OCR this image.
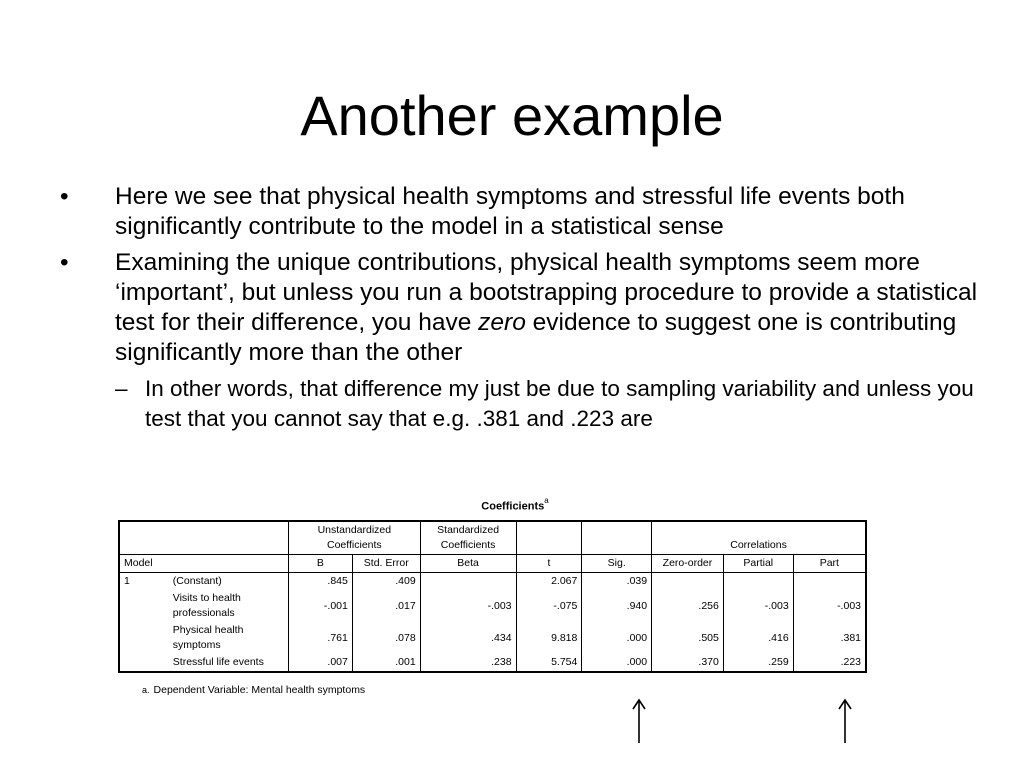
Another example
•	Here we see that physical health symptoms and stressful life events both significantly contribute to the model in a statistical sense
•	Examining the unique contributions, physical health symptoms seem more ‘important’, but unless you run a bootstrapping procedure to provide a statistical test for their difference, you have zero evidence to suggest one is contributing significantly more than the other
– In other words, that difference my just be due to sampling variability and unless you test that you cannot say that e.g. .381 and .223 are
Coefficients$^a$
		Unstandardized Coefficients		Standardized Coefficients			Correlations		
Model		B	Std. Error	Beta	t	Sig.	Zero-order	Partial	Part
1	(Constant)	.845	.409		2.067	.039			
	Visits to health professionals	-.001	.017	-.003	-.075	.940	.256	-.003	-.003
	Physical health symptoms	.761	.078	.434	9.818	.000	.505	.416	.381
	Stressful life events	.007	.001	.238	5.754	.000	.370	.259	.223
a. Dependent Variable: Mental health symptoms
